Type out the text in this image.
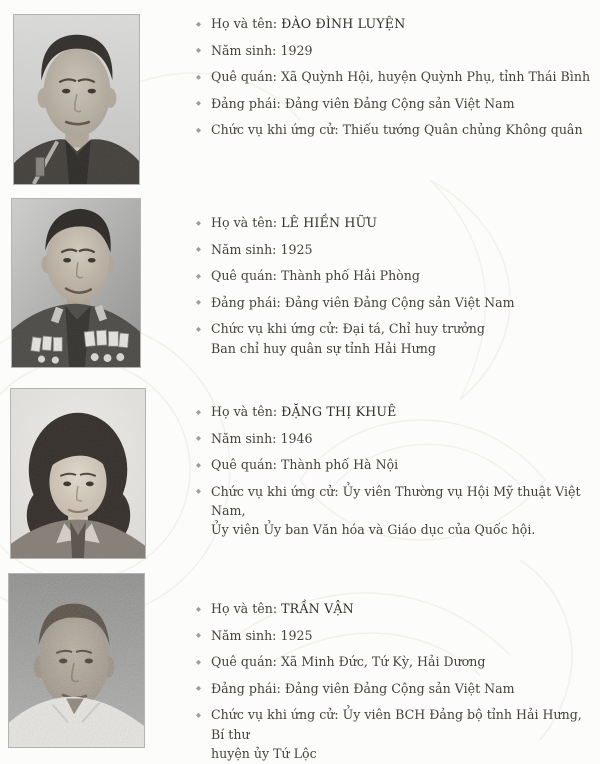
◆ Họ và tên: ĐÀO ĐÌNH LUYỆN
◆ Năm sinh: 1929
◆ Quê quán: Xã Quỳnh Hội, huyện Quỳnh Phụ, tỉnh Thái Bình
◆ Đảng phái: Đảng viên Đảng Cộng sản Việt Nam
◆ Chức vụ khi ứng cử: Thiếu tướng Quân chủng Không quân
◆ Họ và tên: LÊ HIỀN HỮU
◆ Năm sinh: 1925
◆ Quê quán: Thành phố Hải Phòng
◆ Đảng phái: Đảng viên Đảng Cộng sản Việt Nam
◆ Chức vụ khi ứng cử: Đại tá, Chỉ huy trưởng
Ban chỉ huy quân sự tỉnh Hải Hưng
◆ Họ và tên: ĐẶNG THỊ KHUÊ
◆ Năm sinh: 1946
◆ Quê quán: Thành phố Hà Nội
◆ Chức vụ khi ứng cử: Ủy viên Thường vụ Hội Mỹ thuật Việt Nam,
Ủy viên Ủy ban Văn hóa và Giáo dục của Quốc hội.
◆ Họ và tên: TRẦN VẬN
◆ Năm sinh: 1925
◆ Quê quán: Xã Minh Đức, Tứ Kỳ, Hải Dương
◆ Đảng phái: Đảng viên Đảng Cộng sản Việt Nam
◆ Chức vụ khi ứng cử: Ủy viên BCH Đảng bộ tỉnh Hải Hưng, Bí thư
huyện ủy Tứ Lộc
